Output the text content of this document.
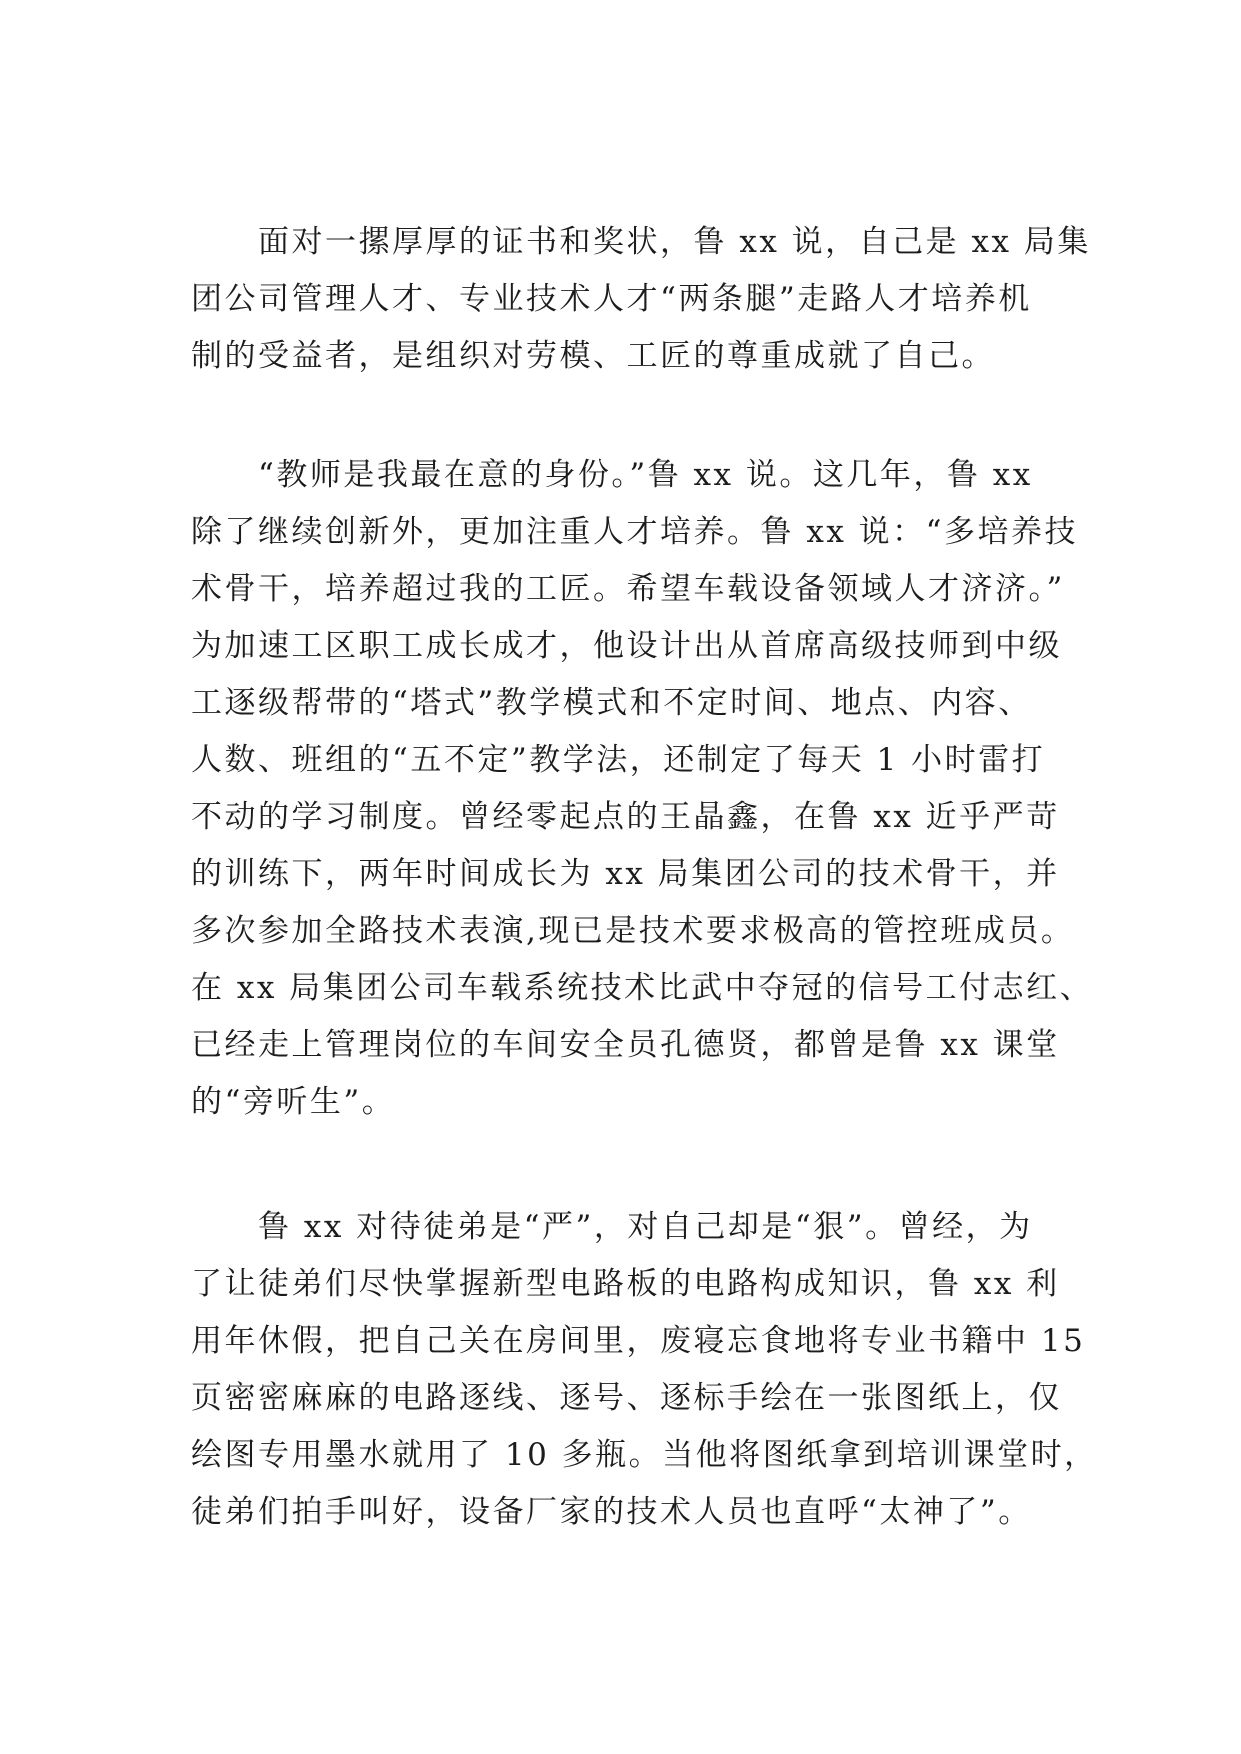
　　面对一摞厚厚的证书和奖状，鲁 xx 说，自己是 xx 局集
团公司管理人才、专业技术人才“两条腿”走路人才培养机
制的受益者，是组织对劳模、工匠的尊重成就了自己。
　　“教师是我最在意的身份。”鲁 xx 说。这几年，鲁 xx
除了继续创新外，更加注重人才培养。鲁 xx 说：“多培养技
术骨干，培养超过我的工匠。希望车载设备领域人才济济。”
为加速工区职工成长成才，他设计出从首席高级技师到中级
工逐级帮带的“塔式”教学模式和不定时间、地点、内容、
人数、班组的“五不定”教学法，还制定了每天 1 小时雷打
不动的学习制度。曾经零起点的王晶鑫，在鲁 xx 近乎严苛
的训练下，两年时间成长为 xx 局集团公司的技术骨干，并
多次参加全路技术表演,现已是技术要求极高的管控班成员。
在 xx 局集团公司车载系统技术比武中夺冠的信号工付志红、
已经走上管理岗位的车间安全员孔德贤，都曾是鲁 xx 课堂
的“旁听生”。
　　鲁 xx 对待徒弟是“严”，对自己却是“狠”。曾经，为
了让徒弟们尽快掌握新型电路板的电路构成知识，鲁 xx 利
用年休假，把自己关在房间里，废寝忘食地将专业书籍中 15
页密密麻麻的电路逐线、逐号、逐标手绘在一张图纸上，仅
绘图专用墨水就用了 10 多瓶。当他将图纸拿到培训课堂时，
徒弟们拍手叫好，设备厂家的技术人员也直呼“太神了”。
